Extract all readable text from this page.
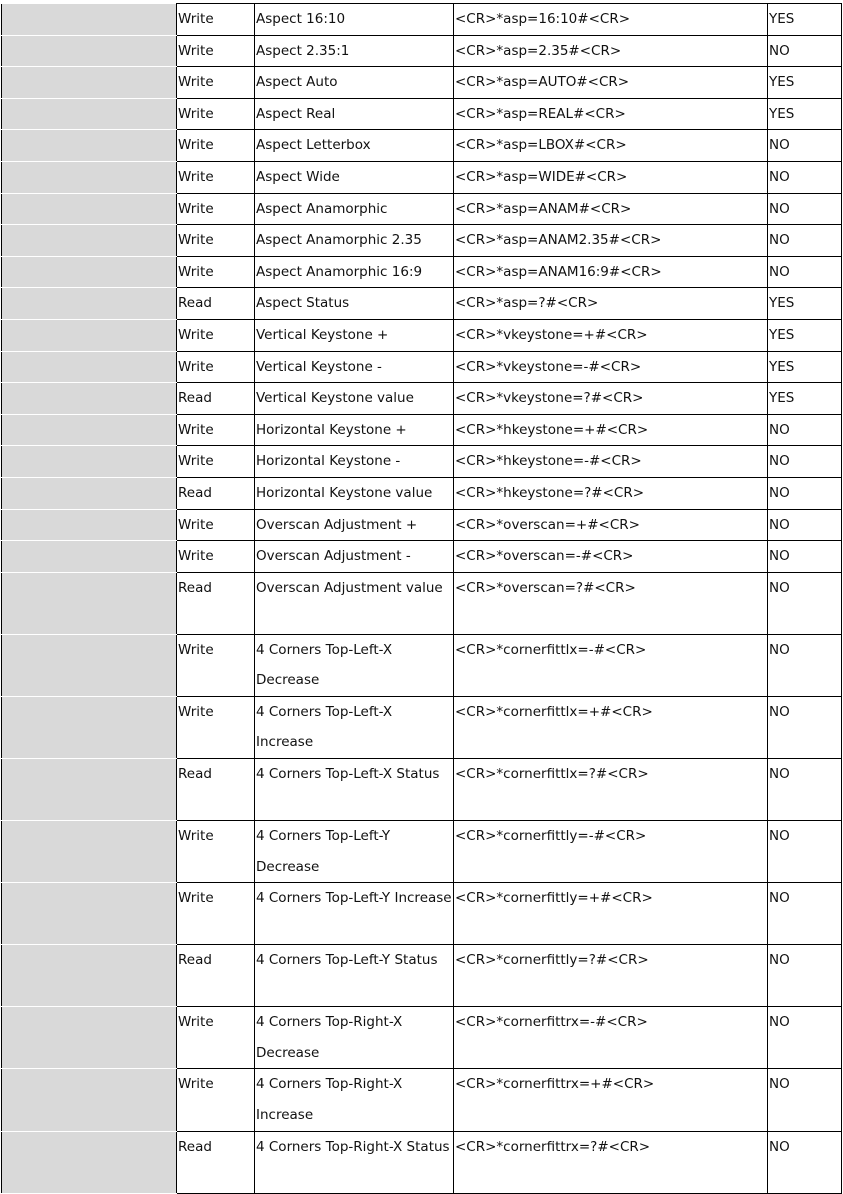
	Write	Aspect 16:10	<CR>*asp=16:10#<CR>	YES
	Write	Aspect 2.35:1	<CR>*asp=2.35#<CR>	NO
	Write	Aspect Auto	<CR>*asp=AUTO#<CR>	YES
	Write	Aspect Real	<CR>*asp=REAL#<CR>	YES
	Write	Aspect Letterbox	<CR>*asp=LBOX#<CR>	NO
	Write	Aspect Wide	<CR>*asp=WIDE#<CR>	NO
	Write	Aspect Anamorphic	<CR>*asp=ANAM#<CR>	NO
	Write	Aspect Anamorphic 2.35	<CR>*asp=ANAM2.35#<CR>	NO
	Write	Aspect Anamorphic 16:9	<CR>*asp=ANAM16:9#<CR>	NO
	Read	Aspect Status	<CR>*asp=?#<CR>	YES
	Write	Vertical Keystone +	<CR>*vkeystone=+#<CR>	YES
	Write	Vertical Keystone -	<CR>*vkeystone=-#<CR>	YES
	Read	Vertical Keystone value	<CR>*vkeystone=?#<CR>	YES
	Write	Horizontal Keystone +	<CR>*hkeystone=+#<CR>	NO
	Write	Horizontal Keystone -	<CR>*hkeystone=-#<CR>	NO
	Read	Horizontal Keystone value	<CR>*hkeystone=?#<CR>	NO
	Write	Overscan Adjustment +	<CR>*overscan=+#<CR>	NO
	Write	Overscan Adjustment -	<CR>*overscan=-#<CR>	NO
	Read	Overscan Adjustment value	<CR>*overscan=?#<CR>	NO
	Write	4 Corners Top-Left-X Decrease	<CR>*cornerfittlx=-#<CR>	NO
	Write	4 Corners Top-Left-X Increase	<CR>*cornerfittlx=+#<CR>	NO
	Read	4 Corners Top-Left-X Status	<CR>*cornerfittlx=?#<CR>	NO
	Write	4 Corners Top-Left-Y Decrease	<CR>*cornerfittly=-#<CR>	NO
	Write	4 Corners Top-Left-Y Increase	<CR>*cornerfittly=+#<CR>	NO
	Read	4 Corners Top-Left-Y Status	<CR>*cornerfittly=?#<CR>	NO
	Write	4 Corners Top-Right-X Decrease	<CR>*cornerfittrx=-#<CR>	NO
	Write	4 Corners Top-Right-X Increase	<CR>*cornerfittrx=+#<CR>	NO
	Read	4 Corners Top-Right-X Status	<CR>*cornerfittrx=?#<CR>	NO
